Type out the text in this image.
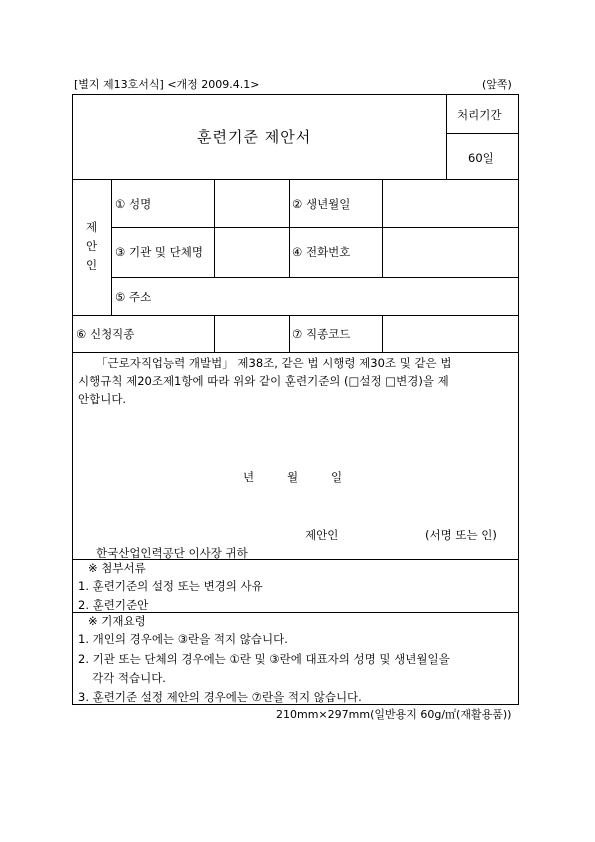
[별지 제13호서식] <개정 2009.4.1>	(앞쪽)
훈련기준 제안서
처리기간
60일
제
안
인
① 성명	② 생년월일
③ 기관 및 단체명	④ 전화번호
⑤ 주소
⑥ 신청직종	⑦ 직종코드
「근로자직업능력 개발법」 제38조, 같은 법 시행령 제30조 및 같은 법
시행규칙 제20조제1항에 따라 위와 같이 훈련기준의 (□설정 □변경)을 제
안합니다.
년	월	일
제안인	(서명 또는 인)
한국산업인력공단 이사장 귀하
※ 첨부서류
1. 훈련기준의 설정 또는 변경의 사유
2. 훈련기준안
※ 기재요령
1. 개인의 경우에는 ③란을 적지 않습니다.
2. 기관 또는 단체의 경우에는 ①란 및 ③란에 대표자의 성명 및 생년월일을
각각 적습니다.
3. 훈련기준 설정 제안의 경우에는 ⑦란을 적지 않습니다.
210mm×297mm(일반용지 60g/㎡(재활용품))
